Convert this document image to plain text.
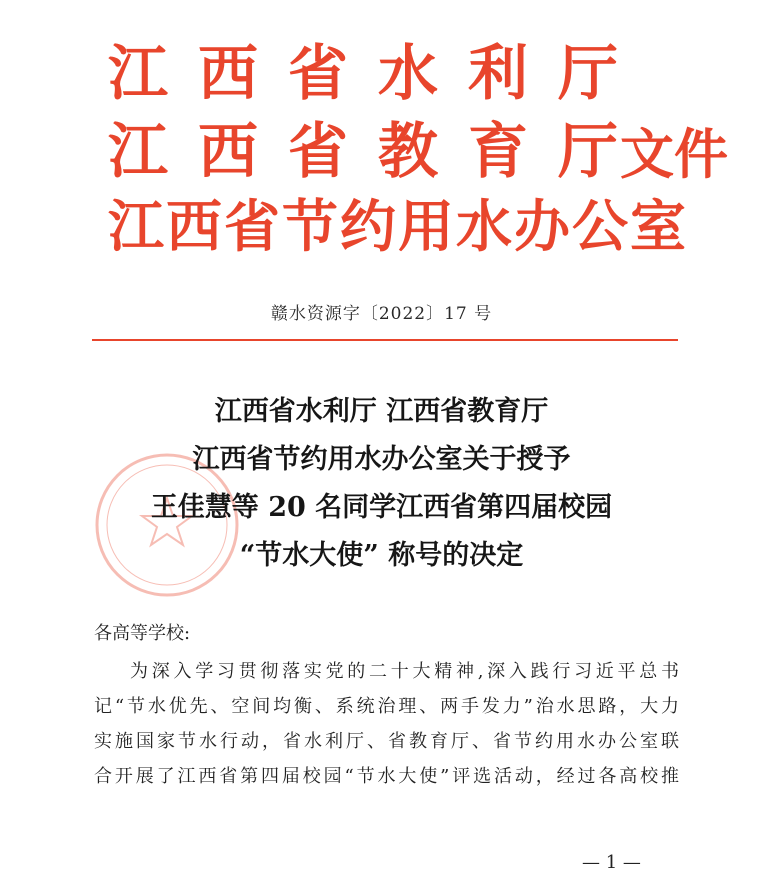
江西省水利厅
江西省教育厅
文件
江西省节约用水办公室
赣水资源字〔2022〕17 号
江西省水利厅 江西省教育厅
江西省节约用水办公室关于授予
王佳慧等 20 名同学江西省第四届校园
“节水大使” 称号的决定
各高等学校:
为深入学习贯彻落实党的二十大精神,深入践行习近平总书
记“节水优先、空间均衡、系统治理、两手发力”治水思路，大力
实施国家节水行动，省水利厅、省教育厅、省节约用水办公室联
合开展了江西省第四届校园“节水大使”评选活动，经过各高校推
— 1 —
